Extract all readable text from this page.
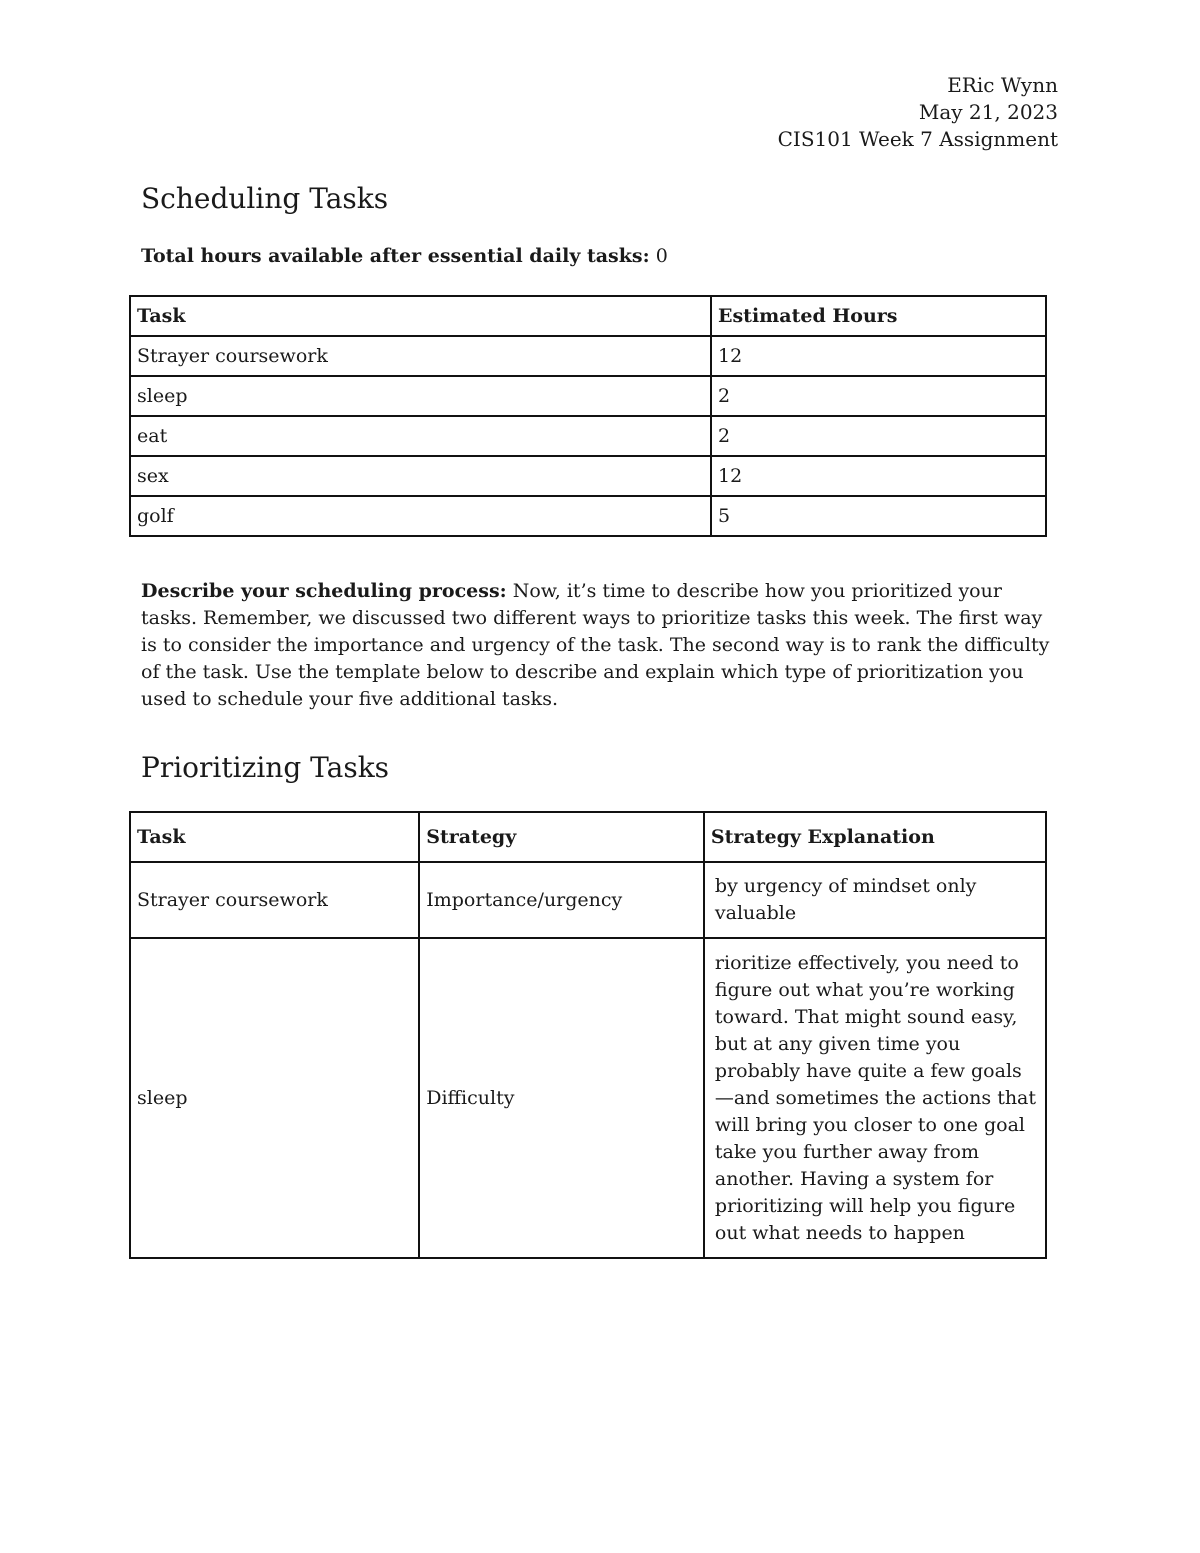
ERic Wynn
May 21, 2023
CIS101 Week 7 Assignment
Scheduling Tasks
Total hours available after essential daily tasks: 0
Task	Estimated Hours
Strayer coursework	12
sleep	2
eat	2
sex	12
golf	5
Describe your scheduling process: Now, it’s time to describe how you prioritized your tasks. Remember, we discussed two different ways to prioritize tasks this week. The first way is to consider the importance and urgency of the task. The second way is to rank the difficulty of the task. Use the template below to describe and explain which type of prioritization you used to schedule your five additional tasks.
Prioritizing Tasks
Task	Strategy	Strategy Explanation
Strayer coursework	Importance/urgency	by urgency of mindset only valuable

sleep	Difficulty	rioritize effectively, you need to figure out what you’re working toward. That might sound easy, but at any given time you probably have quite a few goals—and sometimes the actions that will bring you closer to one goal take you further away from another. Having a system for prioritizing will help you figure out what needs to happen
